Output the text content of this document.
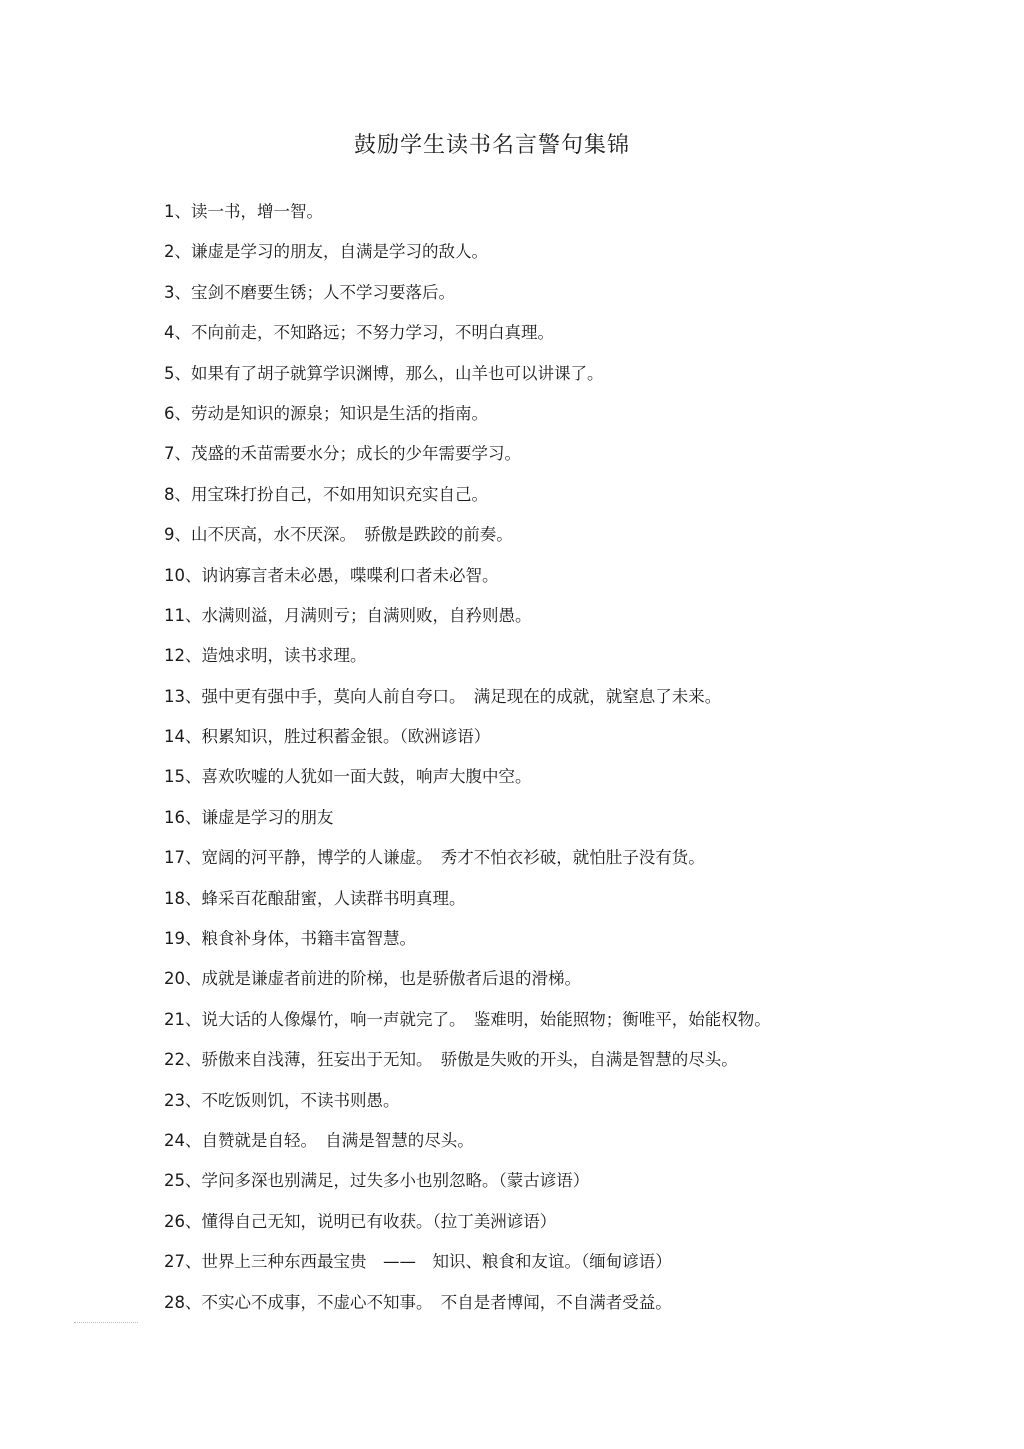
鼓励学生读书名言警句集锦
1、读一书，增一智。
2、谦虚是学习的朋友，自满是学习的敌人。
3、宝剑不磨要生锈；人不学习要落后。
4、不向前走，不知路远；不努力学习，不明白真理。
5、如果有了胡子就算学识渊博，那么，山羊也可以讲课了。
6、劳动是知识的源泉；知识是生活的指南。
7、茂盛的禾苗需要水分；成长的少年需要学习。
8、用宝珠打扮自己，不如用知识充实自己。
9、山不厌高，水不厌深。　骄傲是跌跤的前奏。
10、讷讷寡言者未必愚，喋喋利口者未必智。
11、水满则溢，月满则亏；自满则败，自矜则愚。
12、造烛求明，读书求理。
13、强中更有强中手，莫向人前自夸口。　满足现在的成就，就窒息了未来。
14、积累知识，胜过积蓄金银。（欧洲谚语）
15、喜欢吹嘘的人犹如一面大鼓，响声大腹中空。
16、谦虚是学习的朋友
17、宽阔的河平静，博学的人谦虚。　秀才不怕衣衫破，就怕肚子没有货。
18、蜂采百花酿甜蜜，人读群书明真理。
19、粮食补身体，书籍丰富智慧。
20、成就是谦虚者前进的阶梯，也是骄傲者后退的滑梯。
21、说大话的人像爆竹，响一声就完了。　鉴难明，始能照物；衡唯平，始能权物。
22、骄傲来自浅薄，狂妄出于无知。　骄傲是失败的开头，自满是智慧的尽头。
23、不吃饭则饥，不读书则愚。
24、自赞就是自轻。　自满是智慧的尽头。
25、学问多深也别满足，过失多小也别忽略。（蒙古谚语）
26、懂得自己无知，说明已有收获。（拉丁美洲谚语）
27、世界上三种东西最宝贵　——　知识、粮食和友谊。（缅甸谚语）
28、不实心不成事，不虚心不知事。　不自是者博闻，不自满者受益。
